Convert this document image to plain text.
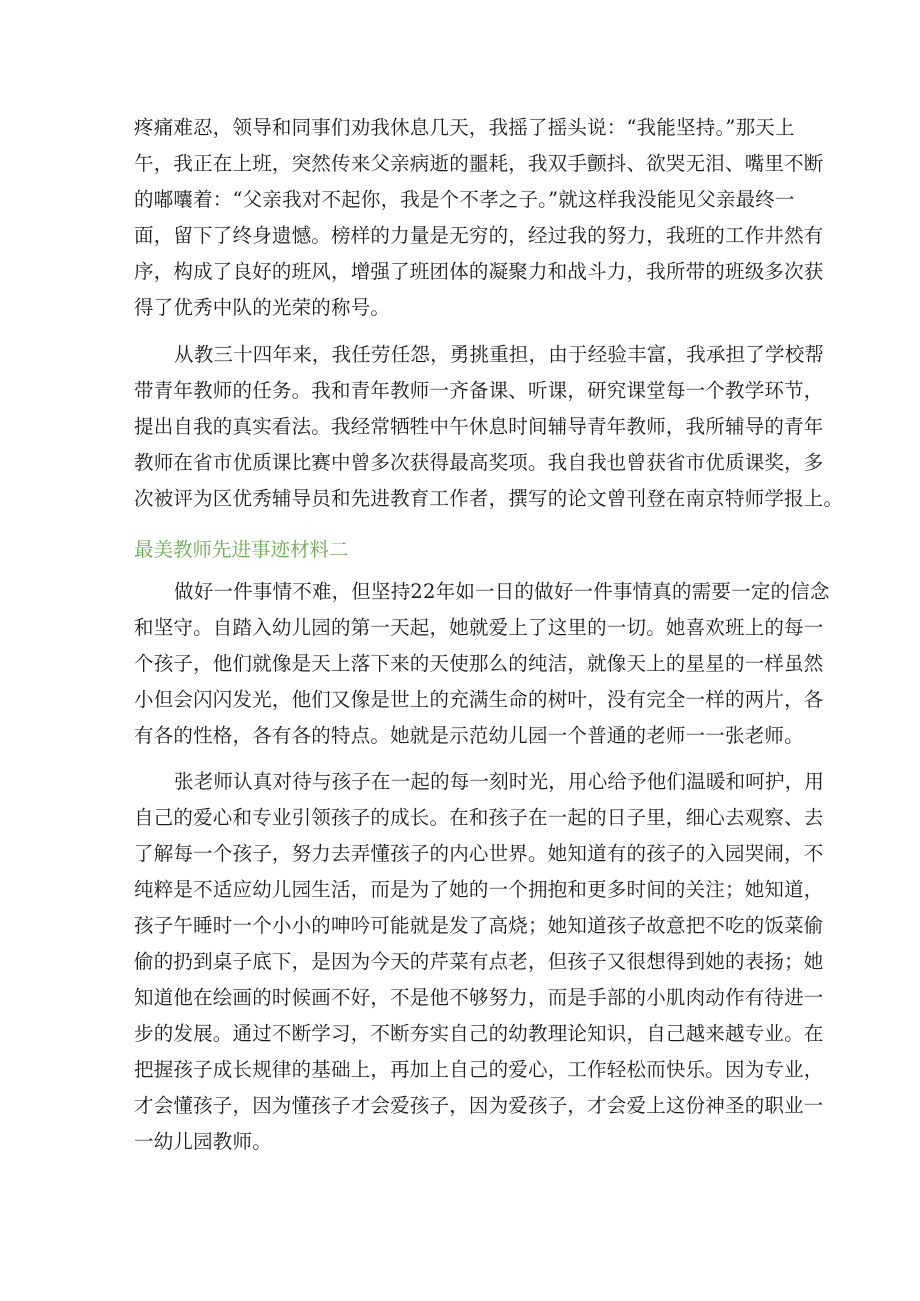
疼痛难忍，领导和同事们劝我休息几天，我摇了摇头说：“我能坚持。”那天上
午，我正在上班，突然传来父亲病逝的噩耗，我双手颤抖、欲哭无泪、嘴里不断
的嘟囔着：“父亲我对不起你，我是个不孝之子。”就这样我没能见父亲最终一
面，留下了终身遗憾。榜样的力量是无穷的，经过我的努力，我班的工作井然有
序，构成了良好的班风，增强了班团体的凝聚力和战斗力，我所带的班级多次获
得了优秀中队的光荣的称号。

从教三十四年来，我任劳任怨，勇挑重担，由于经验丰富，我承担了学校帮
带青年教师的任务。我和青年教师一齐备课、听课，研究课堂每一个教学环节，
提出自我的真实看法。我经常牺牲中午休息时间辅导青年教师，我所辅导的青年
教师在省市优质课比赛中曾多次获得最高奖项。我自我也曾获省市优质课奖，多
次被评为区优秀辅导员和先进教育工作者，撰写的论文曾刊登在南京特师学报上。

最美教师先进事迹材料二

做好一件事情不难，但坚持22年如一日的做好一件事情真的需要一定的信念
和坚守。自踏入幼儿园的第一天起，她就爱上了这里的一切。她喜欢班上的每一
个孩子，他们就像是天上落下来的天使那么的纯洁，就像天上的星星的一样虽然
小但会闪闪发光，他们又像是世上的充满生命的树叶，没有完全一样的两片，各
有各的性格，各有各的特点。她就是示范幼儿园一个普通的老师一一张老师。

张老师认真对待与孩子在一起的每一刻时光，用心给予他们温暖和呵护，用
自己的爱心和专业引领孩子的成长。在和孩子在一起的日子里，细心去观察、去
了解每一个孩子，努力去弄懂孩子的内心世界。她知道有的孩子的入园哭闹，不
纯粹是不适应幼儿园生活，而是为了她的一个拥抱和更多时间的关注；她知道，
孩子午睡时一个小小的呻吟可能就是发了高烧；她知道孩子故意把不吃的饭菜偷
偷的扔到桌子底下，是因为今天的芹菜有点老，但孩子又很想得到她的表扬；她
知道他在绘画的时候画不好，不是他不够努力，而是手部的小肌肉动作有待进一
步的发展。通过不断学习，不断夯实自己的幼教理论知识，自己越来越专业。在
把握孩子成长规律的基础上，再加上自己的爱心，工作轻松而快乐。因为专业，
才会懂孩子，因为懂孩子才会爱孩子，因为爱孩子，才会爱上这份神圣的职业一
一幼儿园教师。
